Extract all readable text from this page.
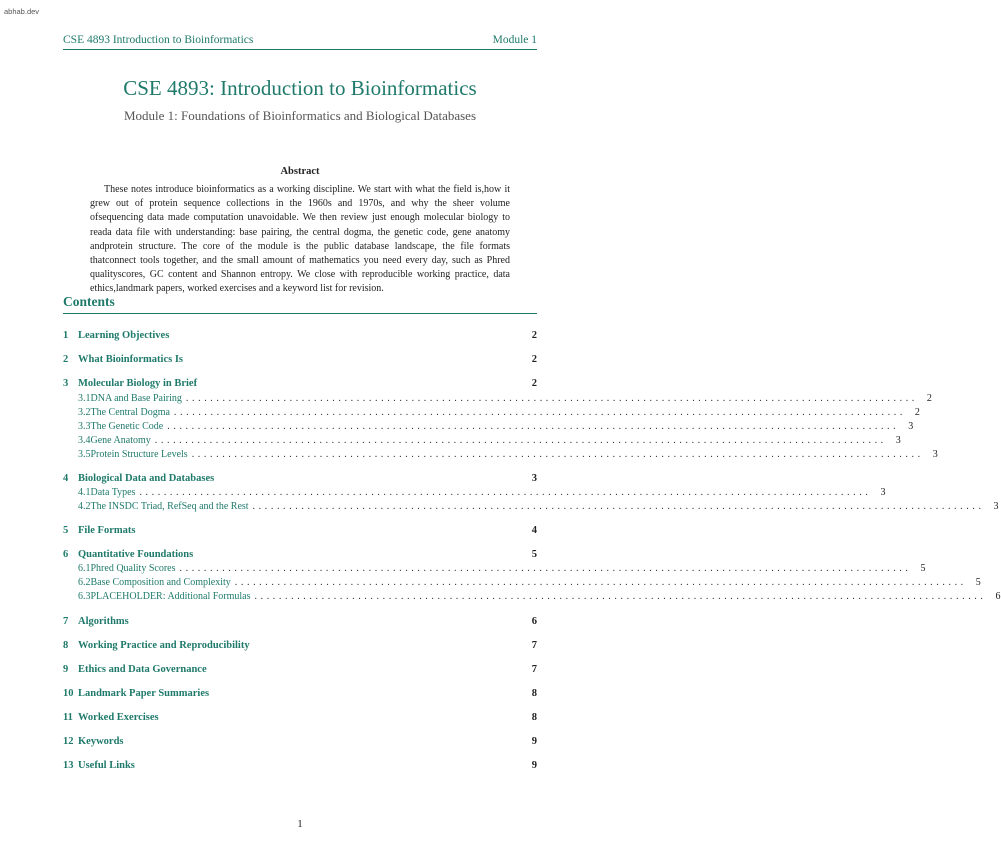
abhab.dev
CSE 4893 Introduction to Bioinformatics	Module 1
CSE 4893: Introduction to Bioinformatics
Module 1: Foundations of Bioinformatics and Biological Databases
Abstract
These notes introduce bioinformatics as a working discipline. We start with what the field is,how it grew out of protein sequence collections in the 1960s and 1970s, and why the sheer volume ofsequencing data made computation unavoidable. We then review just enough molecular biology to reada data file with understanding: base pairing, the central dogma, the genetic code, gene anatomy andprotein structure. The core of the module is the public database landscape, the file formats thatconnect tools together, and the small amount of mathematics you need every day, such as Phred qualityscores, GC content and Shannon entropy. We close with reproducible working practice, data ethics,landmark papers, worked exercises and a keyword list for revision.
Contents
1 Learning Objectives	2
2 What Bioinformatics Is	2
3 Molecular Biology in Brief	2
3.1 DNA and Base Pairing ........................................................................................................................ 2
3.2 The Central Dogma ........................................................................................................................ 2
3.3 The Genetic Code ........................................................................................................................ 3
3.4 Gene Anatomy ........................................................................................................................ 3
3.5 Protein Structure Levels ........................................................................................................................ 3
4 Biological Data and Databases	3
4.1 Data Types ........................................................................................................................ 3
4.2 The INSDC Triad, RefSeq and the Rest ........................................................................................................................ 3
5 File Formats	4
6 Quantitative Foundations	5
6.1 Phred Quality Scores ........................................................................................................................ 5
6.2 Base Composition and Complexity ........................................................................................................................ 5
6.3 PLACEHOLDER: Additional Formulas ........................................................................................................................ 6
7 Algorithms	6
8 Working Practice and Reproducibility	7
9 Ethics and Data Governance	7
10 Landmark Paper Summaries	8
11 Worked Exercises	8
12 Keywords	9
13 Useful Links	9
1
